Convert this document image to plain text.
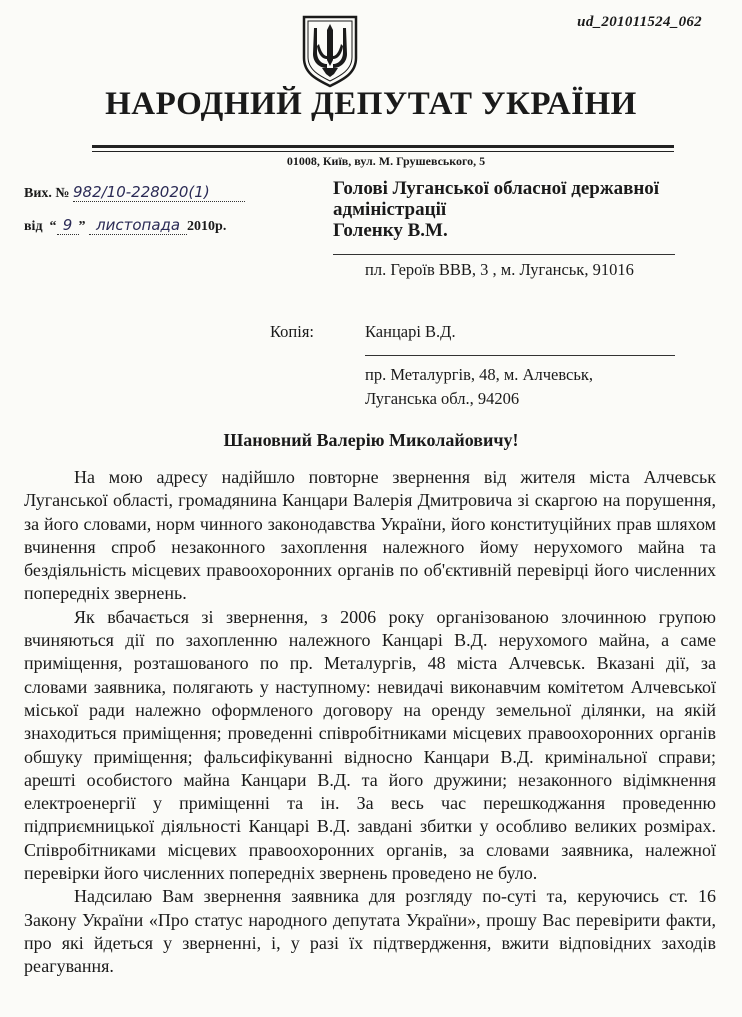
ud_201011524_062
НАРОДНИЙ ДЕПУТАТ УКРАЇНИ
01008, Київ, вул. М. Грушевського, 5
Вих. № 982/10-228020(1)
від  “ 9 ” листопада 2010р.
Голові Луганської обласної державної
адміністрації
Голенку В.М.
пл. Героїв ВВВ, 3 , м. Луганськ, 91016
Копія:	Канцарі В.Д.
пр. Металургів, 48, м. Алчевськ,
Луганська обл., 94206
Шановний Валерію Миколайовичу!

На мою адресу надійшло повторне звернення від жителя міста Алчевськ Луганської області, громадянина Канцари Валерія Дмитровича зі скаргою на порушення, за його словами, норм чинного законодавства України, його конституційних прав шляхом вчинення спроб незаконного захоплення належного йому нерухомого майна та бездіяльність місцевих правоохоронних органів по об'єктивній перевірці його численних попередніх звернень.

Як вбачається зі звернення, з 2006 року організованою злочинною групою вчиняються дії по захопленню належного Канцарі В.Д. нерухомого майна, а саме приміщення, розташованого по пр. Металургів, 48 міста Алчевськ. Вказані дії, за словами заявника, полягають у наступному: невидачі виконавчим комітетом Алчевської міської ради належно оформленого договору на оренду земельної ділянки, на якій знаходиться приміщення; проведенні співробітниками місцевих правоохоронних органів обшуку приміщення; фальсифікуванні відносно Канцари В.Д. кримінальної справи; арешті особистого майна Канцари В.Д. та його дружини; незаконного відімкнення електроенергії у приміщенні та ін. За весь час перешкоджання проведенню підприємницької діяльності Канцарі В.Д. завдані збитки у особливо великих розмірах. Співробітниками місцевих правоохоронних органів, за словами заявника, належної перевірки його численних попередніх звернень проведено не було.

Надсилаю Вам звернення заявника для розгляду по-суті та, керуючись ст. 16 Закону України «Про статус народного депутата України», прошу Вас перевірити факти, про які йдеться у зверненні, і, у разі їх підтвердження, вжити відповідних заходів реагування.
